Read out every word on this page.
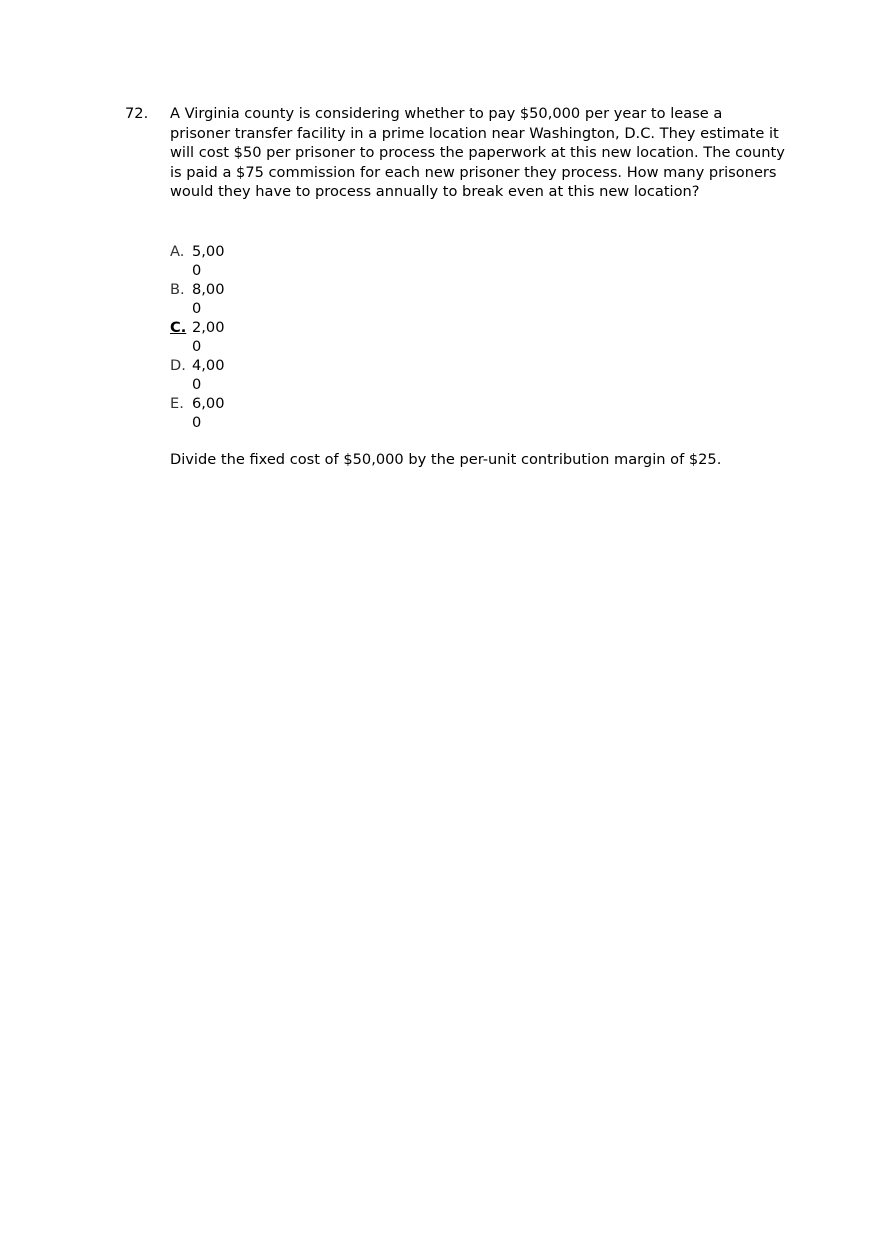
72. A Virginia county is considering whether to pay $50,000 per year to lease a prisoner transfer facility in a prime location near Washington, D.C. They estimate it will cost $50 per prisoner to process the paperwork at this new location. The county is paid a $75 commission for each new prisoner they process. How many prisoners would they have to process annually to break even at this new location?
A. 5,000
B. 8,000
C. 2,000
D. 4,000
E. 6,000
Divide the fixed cost of $50,000 by the per-unit contribution margin of $25.
